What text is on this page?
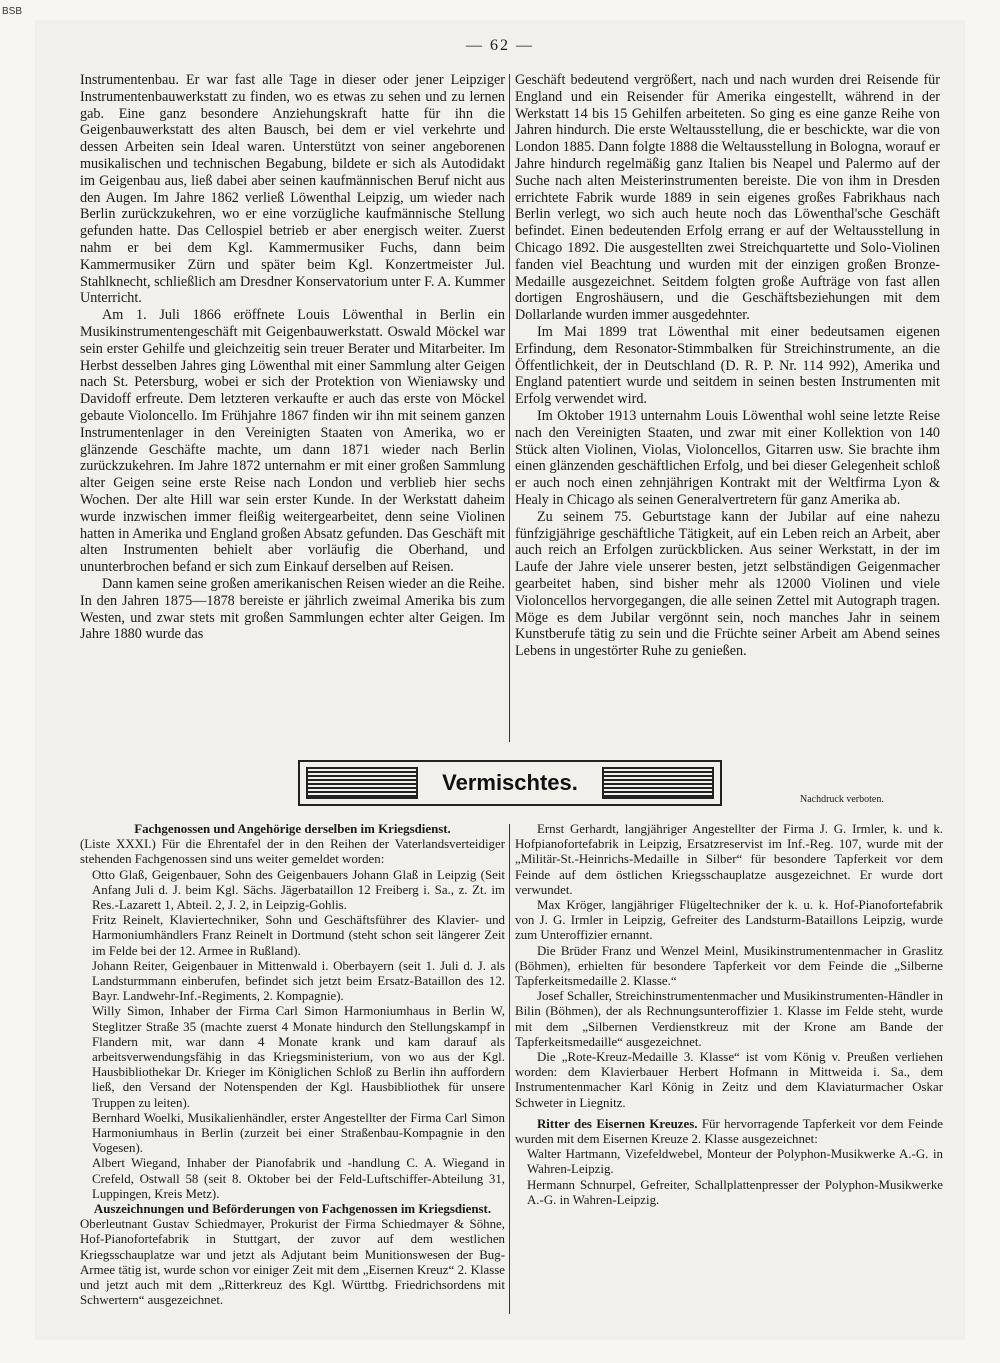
BSB
— 62 —

Instrumentenbau. Er war fast alle Tage in dieser oder jener Leipziger Instrumentenbauwerkstatt zu finden, wo es etwas zu sehen und zu lernen gab. Eine ganz besondere Anziehungskraft hatte für ihn die Geigenbauwerkstatt des alten Bausch, bei dem er viel verkehrte und dessen Arbeiten sein Ideal waren. Unterstützt von seiner angeborenen musikalischen und technischen Begabung, bildete er sich als Autodidakt im Geigenbau aus, ließ dabei aber seinen kaufmännischen Beruf nicht aus den Augen. Im Jahre 1862 verließ Löwenthal Leipzig, um wieder nach Berlin zurückzukehren, wo er eine vorzügliche kaufmännische Stellung gefunden hatte. Das Cellospiel betrieb er aber energisch weiter. Zuerst nahm er bei dem Kgl. Kammermusiker Fuchs, dann beim Kammermusiker Zürn und später beim Kgl. Konzertmeister Jul. Stahlknecht, schließlich am Dresdner Konservatorium unter F. A. Kummer Unterricht.

Am 1. Juli 1866 eröffnete Louis Löwenthal in Berlin ein Musikinstrumentengeschäft mit Geigenbauwerkstatt. Oswald Möckel war sein erster Gehilfe und gleichzeitig sein treuer Berater und Mitarbeiter. Im Herbst desselben Jahres ging Löwenthal mit einer Sammlung alter Geigen nach St. Petersburg, wobei er sich der Protektion von Wieniawsky und Davidoff erfreute. Dem letzteren verkaufte er auch das erste von Möckel gebaute Violoncello. Im Frühjahre 1867 finden wir ihn mit seinem ganzen Instrumentenlager in den Vereinigten Staaten von Amerika, wo er glänzende Geschäfte machte, um dann 1871 wieder nach Berlin zurückzukehren. Im Jahre 1872 unternahm er mit einer großen Sammlung alter Geigen seine erste Reise nach London und verblieb hier sechs Wochen. Der alte Hill war sein erster Kunde. In der Werkstatt daheim wurde inzwischen immer fleißig weitergearbeitet, denn seine Violinen hatten in Amerika und England großen Absatz gefunden. Das Geschäft mit alten Instrumenten behielt aber vorläufig die Oberhand, und ununterbrochen befand er sich zum Einkauf derselben auf Reisen.

Dann kamen seine großen amerikanischen Reisen wieder an die Reihe. In den Jahren 1875—1878 bereiste er jährlich zweimal Amerika bis zum Westen, und zwar stets mit großen Sammlungen echter alter Geigen. Im Jahre 1880 wurde das

Geschäft bedeutend vergrößert, nach und nach wurden drei Reisende für England und ein Reisender für Amerika eingestellt, während in der Werkstatt 14 bis 15 Gehilfen arbeiteten. So ging es eine ganze Reihe von Jahren hindurch. Die erste Weltausstellung, die er beschickte, war die von London 1885. Dann folgte 1888 die Weltausstellung in Bologna, worauf er Jahre hindurch regelmäßig ganz Italien bis Neapel und Palermo auf der Suche nach alten Meisterinstrumenten bereiste. Die von ihm in Dresden errichtete Fabrik wurde 1889 in sein eigenes großes Fabrikhaus nach Berlin verlegt, wo sich auch heute noch das Löwenthal'sche Geschäft befindet. Einen bedeutenden Erfolg errang er auf der Weltausstellung in Chicago 1892. Die ausgestellten zwei Streichquartette und Solo-Violinen fanden viel Beachtung und wurden mit der einzigen großen Bronze-Medaille ausgezeichnet. Seitdem folgten große Aufträge von fast allen dortigen Engroshäusern, und die Geschäftsbeziehungen mit dem Dollarlande wurden immer ausgedehnter.

Im Mai 1899 trat Löwenthal mit einer bedeutsamen eigenen Erfindung, dem Resonator-Stimmbalken für Streichinstrumente, an die Öffentlichkeit, der in Deutschland (D. R. P. Nr. 114 992), Amerika und England patentiert wurde und seitdem in seinen besten Instrumenten mit Erfolg verwendet wird.

Im Oktober 1913 unternahm Louis Löwenthal wohl seine letzte Reise nach den Vereinigten Staaten, und zwar mit einer Kollektion von 140 Stück alten Violinen, Violas, Violoncellos, Gitarren usw. Sie brachte ihm einen glänzenden geschäftlichen Erfolg, und bei dieser Gelegenheit schloß er auch noch einen zehnjährigen Kontrakt mit der Weltfirma Lyon & Healy in Chicago als seinen Generalvertretern für ganz Amerika ab.

Zu seinem 75. Geburtstage kann der Jubilar auf eine nahezu fünfzigjährige geschäftliche Tätigkeit, auf ein Leben reich an Arbeit, aber auch reich an Erfolgen zurückblicken. Aus seiner Werkstatt, in der im Laufe der Jahre viele unserer besten, jetzt selbständigen Geigenmacher gearbeitet haben, sind bisher mehr als 12000 Violinen und viele Violoncellos hervorgegangen, die alle seinen Zettel mit Autograph tragen. Möge es dem Jubilar vergönnt sein, noch manches Jahr in seinem Kunstberufe tätig zu sein und die Früchte seiner Arbeit am Abend seines Lebens in ungestörter Ruhe zu genießen.

Vermischtes.
Nachdruck verboten.

Fachgenossen und Angehörige derselben im Kriegsdienst.

(Liste XXXI.) Für die Ehrentafel der in den Reihen der Vaterlandsverteidiger stehenden Fachgenossen sind uns weiter gemeldet worden:

Otto Glaß, Geigenbauer, Sohn des Geigenbauers Johann Glaß in Leipzig (Seit Anfang Juli d. J. beim Kgl. Sächs. Jägerbataillon 12 Freiberg i. Sa., z. Zt. im Res.-Lazarett 1, Abteil. 2, J. 2, in Leipzig-Gohlis.

Fritz Reinelt, Klaviertechniker, Sohn und Geschäftsführer des Klavier- und Harmoniumhändlers Franz Reinelt in Dortmund (steht schon seit längerer Zeit im Felde bei der 12. Armee in Rußland).

Johann Reiter, Geigenbauer in Mittenwald i. Oberbayern (seit 1. Juli d. J. als Landsturmmann einberufen, befindet sich jetzt beim Ersatz-Bataillon des 12. Bayr. Landwehr-Inf.-Regiments, 2. Kompagnie).

Willy Simon, Inhaber der Firma Carl Simon Harmoniumhaus in Berlin W, Steglitzer Straße 35 (machte zuerst 4 Monate hindurch den Stellungskampf in Flandern mit, war dann 4 Monate krank und kam darauf als arbeitsverwendungsfähig in das Kriegsministerium, von wo aus der Kgl. Hausbibliothekar Dr. Krieger im Königlichen Schloß zu Berlin ihn auffordern ließ, den Versand der Notenspenden der Kgl. Hausbibliothek für unsere Truppen zu leiten).

Bernhard Woelki, Musikalienhändler, erster Angestellter der Firma Carl Simon Harmoniumhaus in Berlin (zurzeit bei einer Straßenbau-Kompagnie in den Vogesen).

Albert Wiegand, Inhaber der Pianofabrik und -handlung C. A. Wiegand in Crefeld, Ostwall 58 (seit 8. Oktober bei der Feld-Luftschiffer-Abteilung 31, Luppingen, Kreis Metz).

Auszeichnungen und Beförderungen von Fachgenossen im Kriegsdienst.

Oberleutnant Gustav Schiedmayer, Prokurist der Firma Schiedmayer & Söhne, Hof-Pianofortefabrik in Stuttgart, der zuvor auf dem westlichen Kriegsschauplatze war und jetzt als Adjutant beim Munitionswesen der Bug-Armee tätig ist, wurde schon vor einiger Zeit mit dem „Eisernen Kreuz“ 2. Klasse und jetzt auch mit dem „Ritterkreuz des Kgl. Württbg. Friedrichsordens mit Schwertern“ ausgezeichnet.

Ernst Gerhardt, langjähriger Angestellter der Firma J. G. Irmler, k. und k. Hofpianofortefabrik in Leipzig, Ersatzreservist im Inf.-Reg. 107, wurde mit der „Militär-St.-Heinrichs-Medaille in Silber“ für besondere Tapferkeit vor dem Feinde auf dem östlichen Kriegsschauplatze ausgezeichnet. Er wurde dort verwundet.

Max Kröger, langjähriger Flügeltechniker der k. u. k. Hof-Pianofortefabrik von J. G. Irmler in Leipzig, Gefreiter des Landsturm-Bataillons Leipzig, wurde zum Unteroffizier ernannt.

Die Brüder Franz und Wenzel Meinl, Musikinstrumentenmacher in Graslitz (Böhmen), erhielten für besondere Tapferkeit vor dem Feinde die „Silberne Tapferkeitsmedaille 2. Klasse.“

Josef Schaller, Streichinstrumentenmacher und Musikinstrumenten-Händler in Bilin (Böhmen), der als Rechnungsunteroffizier 1. Klasse im Felde steht, wurde mit dem „Silbernen Verdienstkreuz mit der Krone am Bande der Tapferkeitsmedaille“ ausgezeichnet.

Die „Rote-Kreuz-Medaille 3. Klasse“ ist vom König v. Preußen verliehen worden: dem Klavierbauer Herbert Hofmann in Mittweida i. Sa., dem Instrumentenmacher Karl König in Zeitz und dem Klaviaturmacher Oskar Schweter in Liegnitz.

Ritter des Eisernen Kreuzes. Für hervorragende Tapferkeit vor dem Feinde wurden mit dem Eisernen Kreuze 2. Klasse ausgezeichnet:

Walter Hartmann, Vizefeldwebel, Monteur der Polyphon-Musikwerke A.-G. in Wahren-Leipzig.

Hermann Schnurpel, Gefreiter, Schallplattenpresser der Polyphon-Musikwerke A.-G. in Wahren-Leipzig.
